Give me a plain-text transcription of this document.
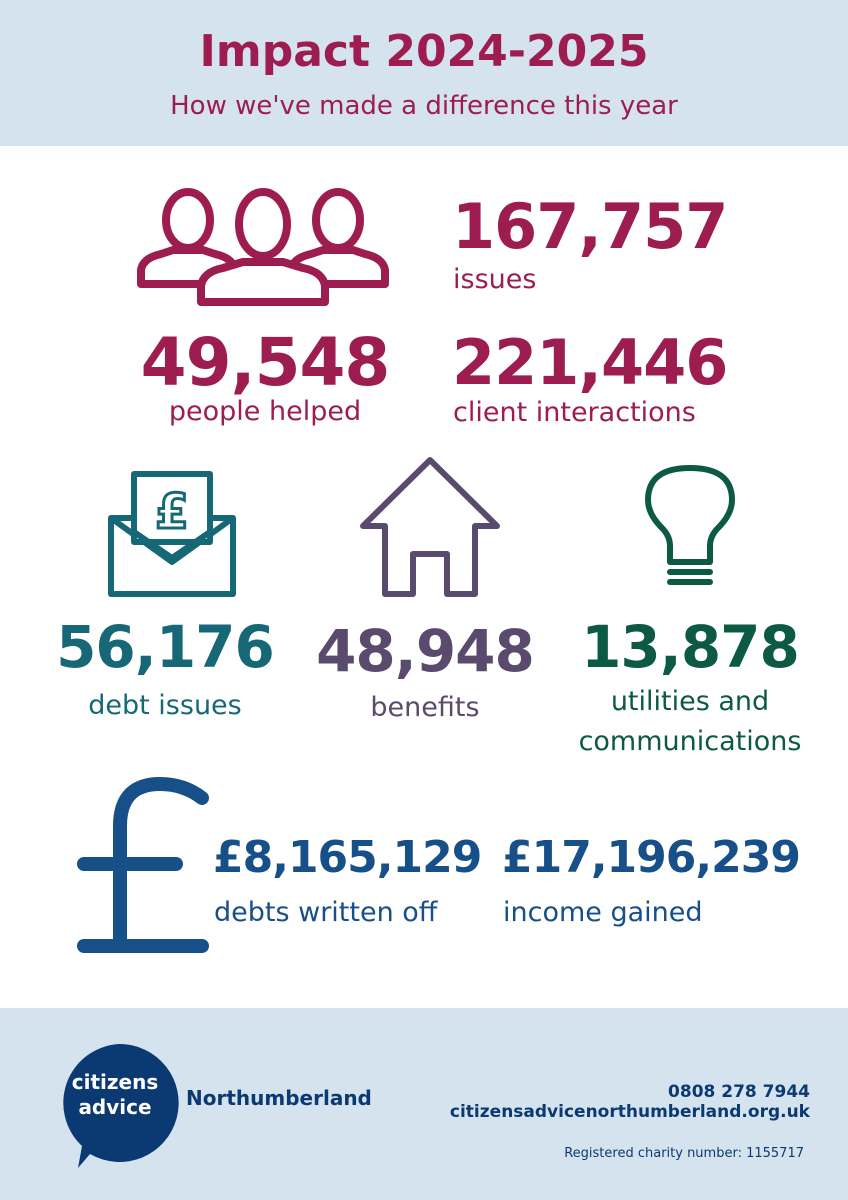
Impact 2024-2025
How we've made a difference this year
49,548
people helped
167,757
issues
221,446
client interactions
£
56,176
debt issues
48,948
benefits
13,878
utilities and
communications
£8,165,129
debts written off
£17,196,239
income gained
citizens
advice	Northumberland	0808 278 7944
citizensadvicenorthumberland.org.uk
Registered charity number: 1155717
